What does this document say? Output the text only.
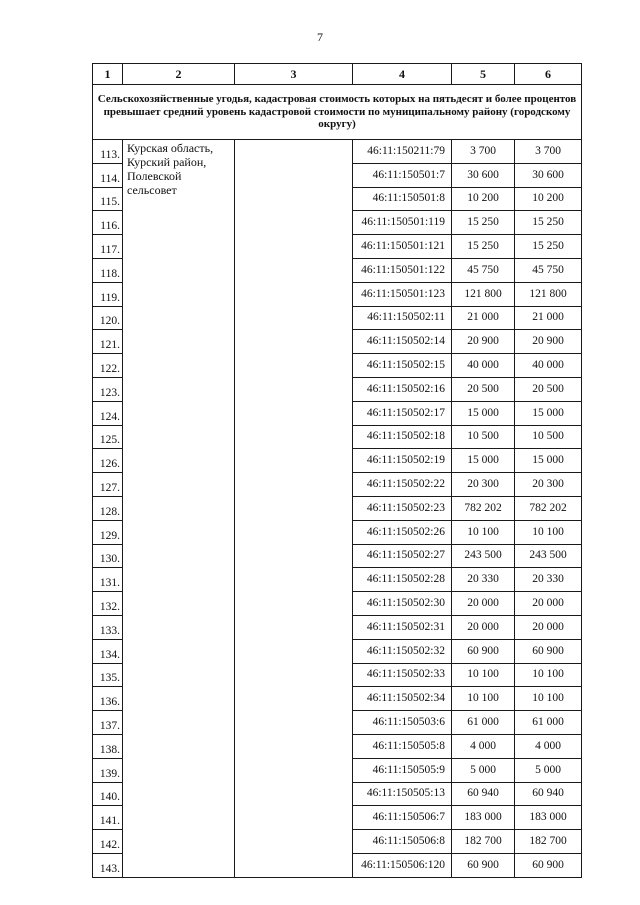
7
1	2	3	4	5	6
Сельскохозяйственные угодья, кадастровая стоимость которых на пятьдесят и более процентов превышает средний уровень кадастровой стоимости по муниципальному району (городскому округу)					
113.	Курская область, Курский район, Полевской сельсовет		46:11:150211:79	3 700	3 700
114.			46:11:150501:7	30 600	30 600
115.			46:11:150501:8	10 200	10 200
116.			46:11:150501:119	15 250	15 250
117.			46:11:150501:121	15 250	15 250
118.			46:11:150501:122	45 750	45 750
119.			46:11:150501:123	121 800	121 800
120.			46:11:150502:11	21 000	21 000
121.			46:11:150502:14	20 900	20 900
122.			46:11:150502:15	40 000	40 000
123.			46:11:150502:16	20 500	20 500
124.			46:11:150502:17	15 000	15 000
125.			46:11:150502:18	10 500	10 500
126.			46:11:150502:19	15 000	15 000
127.			46:11:150502:22	20 300	20 300
128.			46:11:150502:23	782 202	782 202
129.			46:11:150502:26	10 100	10 100
130.			46:11:150502:27	243 500	243 500
131.			46:11:150502:28	20 330	20 330
132.			46:11:150502:30	20 000	20 000
133.			46:11:150502:31	20 000	20 000
134.			46:11:150502:32	60 900	60 900
135.			46:11:150502:33	10 100	10 100
136.			46:11:150502:34	10 100	10 100
137.			46:11:150503:6	61 000	61 000
138.			46:11:150505:8	4 000	4 000
139.			46:11:150505:9	5 000	5 000
140.			46:11:150505:13	60 940	60 940
141.			46:11:150506:7	183 000	183 000
142.			46:11:150506:8	182 700	182 700
143.			46:11:150506:120	60 900	60 900
